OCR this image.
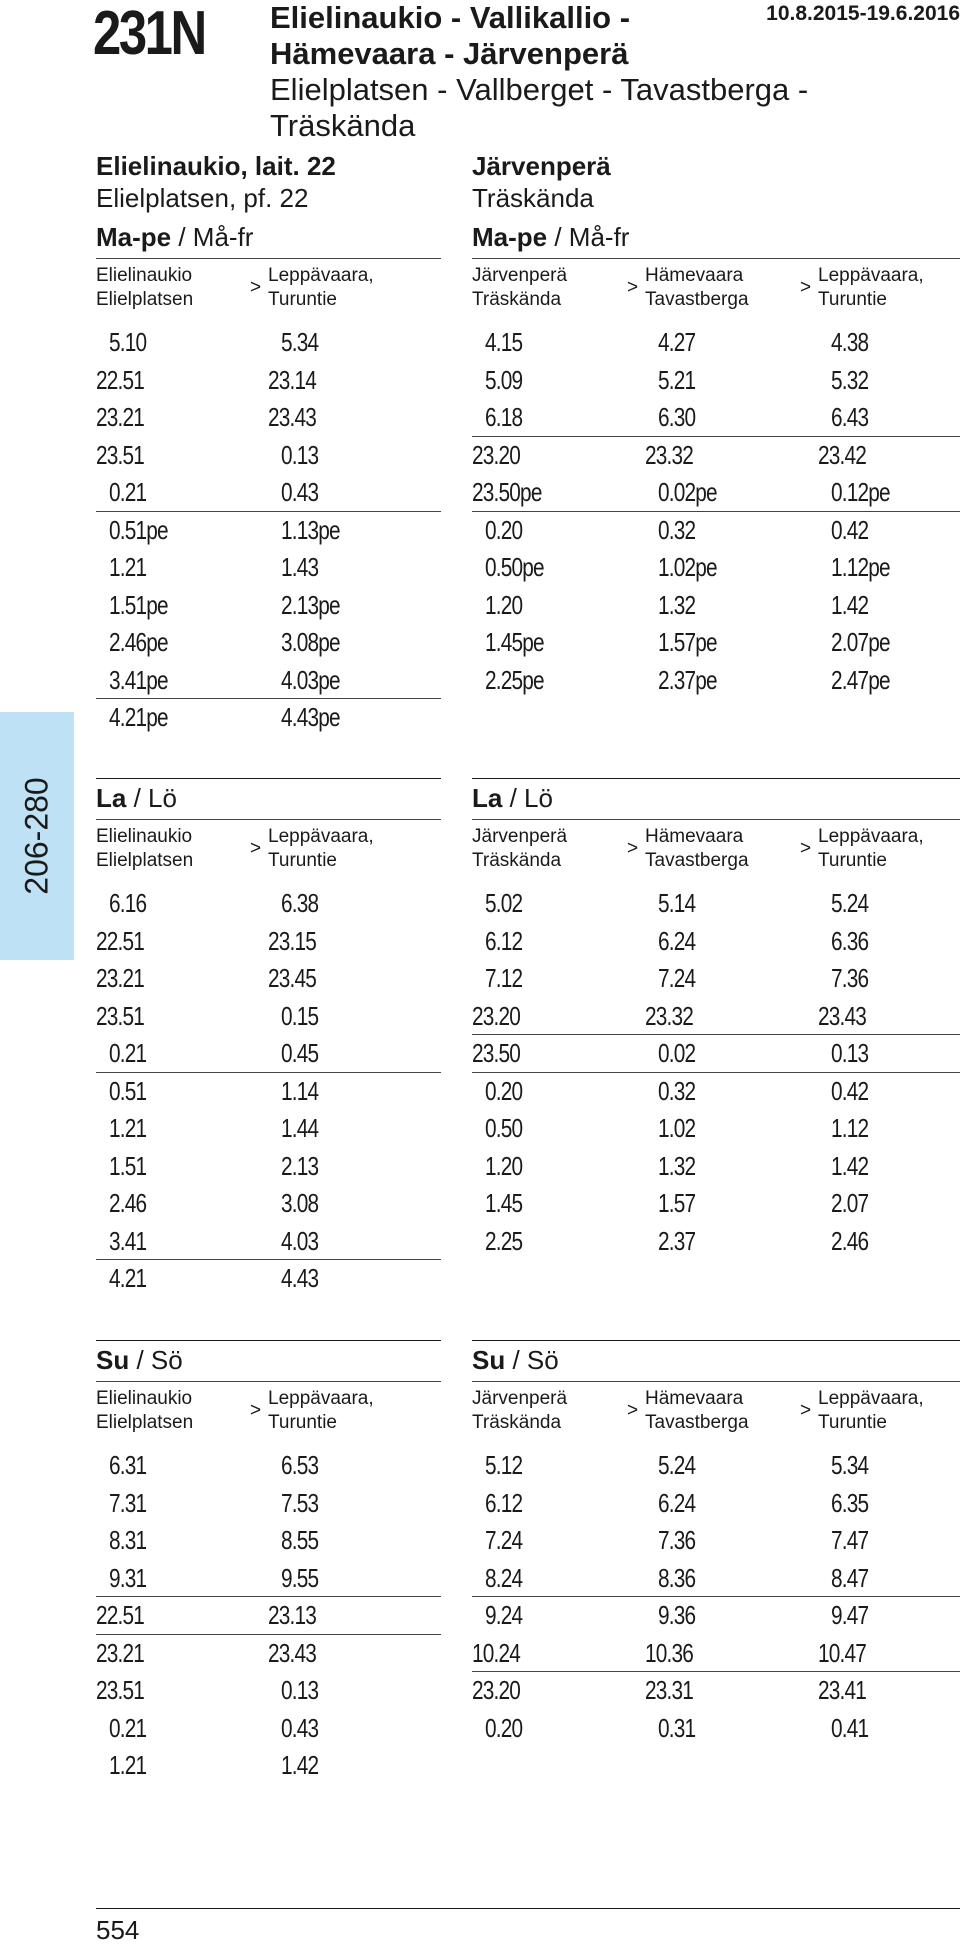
231N Elielinaukio - Vallikallio -
Hämevaara - Järvenperä
Elielplatsen - Vallberget - Tavastberga -
Träskända
10.8.2015-19.6.2016
Elielinaukio, lait. 22
Elielplatsen, pf. 22
Järvenperä
Träskända
206-280
Ma-pe / Må-fr
Elielinaukio
Elielplatsen
Leppävaara,
Turuntie
>
5.10	5.34
22.51	23.14
23.21	23.43
23.51	0.13
0.21	0.43
0.51pe	1.13pe
1.21	1.43
1.51pe	2.13pe
2.46pe	3.08pe
3.41pe	4.03pe
4.21pe	4.43pe
La / Lö
Elielinaukio
Elielplatsen
Leppävaara,
Turuntie
>
6.16	6.38
22.51	23.15
23.21	23.45
23.51	0.15
0.21	0.45
0.51	1.14
1.21	1.44
1.51	2.13
2.46	3.08
3.41	4.03
4.21	4.43
Su / Sö
Elielinaukio
Elielplatsen
Leppävaara,
Turuntie
>
6.31	6.53
7.31	7.53
8.31	8.55
9.31	9.55
22.51	23.13
23.21	23.43
23.51	0.13
0.21	0.43
1.21	1.42
Ma-pe / Må-fr
Järvenperä
Träskända
Hämevaara
Tavastberga
Leppävaara,
Turuntie
>	>
4.15	4.27	4.38
5.09	5.21	5.32
6.18	6.30	6.43
23.20	23.32	23.42
23.50pe	0.02pe	0.12pe
0.20	0.32	0.42
0.50pe	1.02pe	1.12pe
1.20	1.32	1.42
1.45pe	1.57pe	2.07pe
2.25pe	2.37pe	2.47pe
La / Lö
Järvenperä
Träskända
Hämevaara
Tavastberga
Leppävaara,
Turuntie
>	>
5.02	5.14	5.24
6.12	6.24	6.36
7.12	7.24	7.36
23.20	23.32	23.43
23.50	0.02	0.13
0.20	0.32	0.42
0.50	1.02	1.12
1.20	1.32	1.42
1.45	1.57	2.07
2.25	2.37	2.46
Su / Sö
Järvenperä
Träskända
Hämevaara
Tavastberga
Leppävaara,
Turuntie
>	>
5.12	5.24	5.34
6.12	6.24	6.35
7.24	7.36	7.47
8.24	8.36	8.47
9.24	9.36	9.47
10.24	10.36	10.47
23.20	23.31	23.41
0.20	0.31	0.41
554
